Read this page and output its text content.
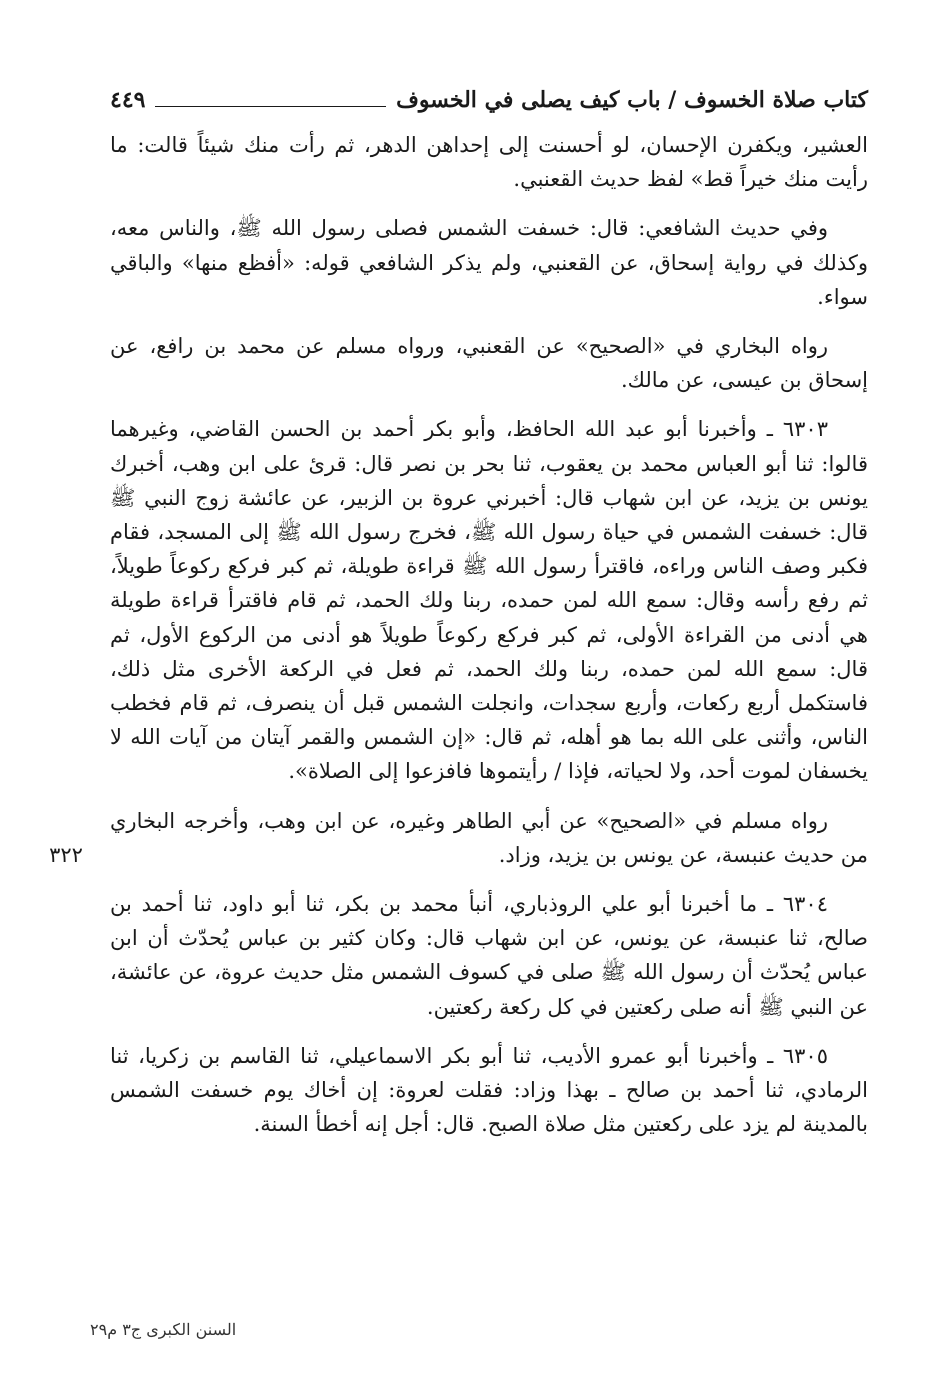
كتاب صلاة الخسوف / باب كيف يصلى في الخسوف
٤٤٩

العشير، ويكفرن الإحسان، لو أحسنت إلى إحداهن الدهر، ثم رأت منك شيئاً قالت: ما رأيت منك خيراً قط» لفظ حديث القعنبي.

وفي حديث الشافعي: قال: خسفت الشمس فصلى رسول الله ﷺ، والناس معه، وكذلك في رواية إسحاق، عن القعنبي، ولم يذكر الشافعي قوله: «أفظع منها» والباقي سواء.

رواه البخاري في «الصحيح» عن القعنبي، ورواه مسلم عن محمد بن رافع، عن إسحاق بن عيسى، عن مالك.

٦٣٠٣ ـ وأخبرنا أبو عبد الله الحافظ، وأبو بكر أحمد بن الحسن القاضي، وغيرهما قالوا: ثنا أبو العباس محمد بن يعقوب، ثنا بحر بن نصر قال: قرئ على ابن وهب، أخبرك يونس بن يزيد، عن ابن شهاب قال: أخبرني عروة بن الزبير، عن عائشة زوج النبي ﷺ قال: خسفت الشمس في حياة رسول الله ﷺ، فخرج رسول الله ﷺ إلى المسجد، فقام فكبر وصف الناس وراءه، فاقترأ رسول الله ﷺ قراءة طويلة، ثم كبر فركع ركوعاً طويلاً، ثم رفع رأسه وقال: سمع الله لمن حمده، ربنا ولك الحمد، ثم قام فاقترأ قراءة طويلة هي أدنى من القراءة الأولى، ثم كبر فركع ركوعاً طويلاً هو أدنى من الركوع الأول، ثم قال: سمع الله لمن حمده، ربنا ولك الحمد، ثم فعل في الركعة الأخرى مثل ذلك، فاستكمل أربع ركعات، وأربع سجدات، وانجلت الشمس قبل أن ينصرف، ثم قام فخطب الناس، وأثنى على الله بما هو أهله، ثم قال: «إن الشمس والقمر آيتان من آيات الله لا يخسفان لموت أحد، ولا لحياته، فإذا / رأيتموها فافزعوا إلى الصلاة».

رواه مسلم في «الصحيح» عن أبي الطاهر وغيره، عن ابن وهب، وأخرجه البخاري من حديث عنبسة، عن يونس بن يزيد، وزاد.

٦٣٠٤ ـ ما أخبرنا أبو علي الروذباري، أنبأ محمد بن بكر، ثنا أبو داود، ثنا أحمد بن صالح، ثنا عنبسة، عن يونس، عن ابن شهاب قال: وكان كثير بن عباس يُحدّث أن ابن عباس يُحدّث أن رسول الله ﷺ صلى في كسوف الشمس مثل حديث عروة، عن عائشة، عن النبي ﷺ أنه صلى ركعتين في كل ركعة ركعتين.

٦٣٠٥ ـ وأخبرنا أبو عمرو الأديب، ثنا أبو بكر الاسماعيلي، ثنا القاسم بن زكريا، ثنا الرمادي، ثنا أحمد بن صالح ـ بهذا وزاد: فقلت لعروة: إن أخاك يوم خسفت الشمس بالمدينة لم يزد على ركعتين مثل صلاة الصبح. قال: أجل إنه أخطأ السنة.

٣٢٢
السنن الكبرى ج٣ م٢٩
